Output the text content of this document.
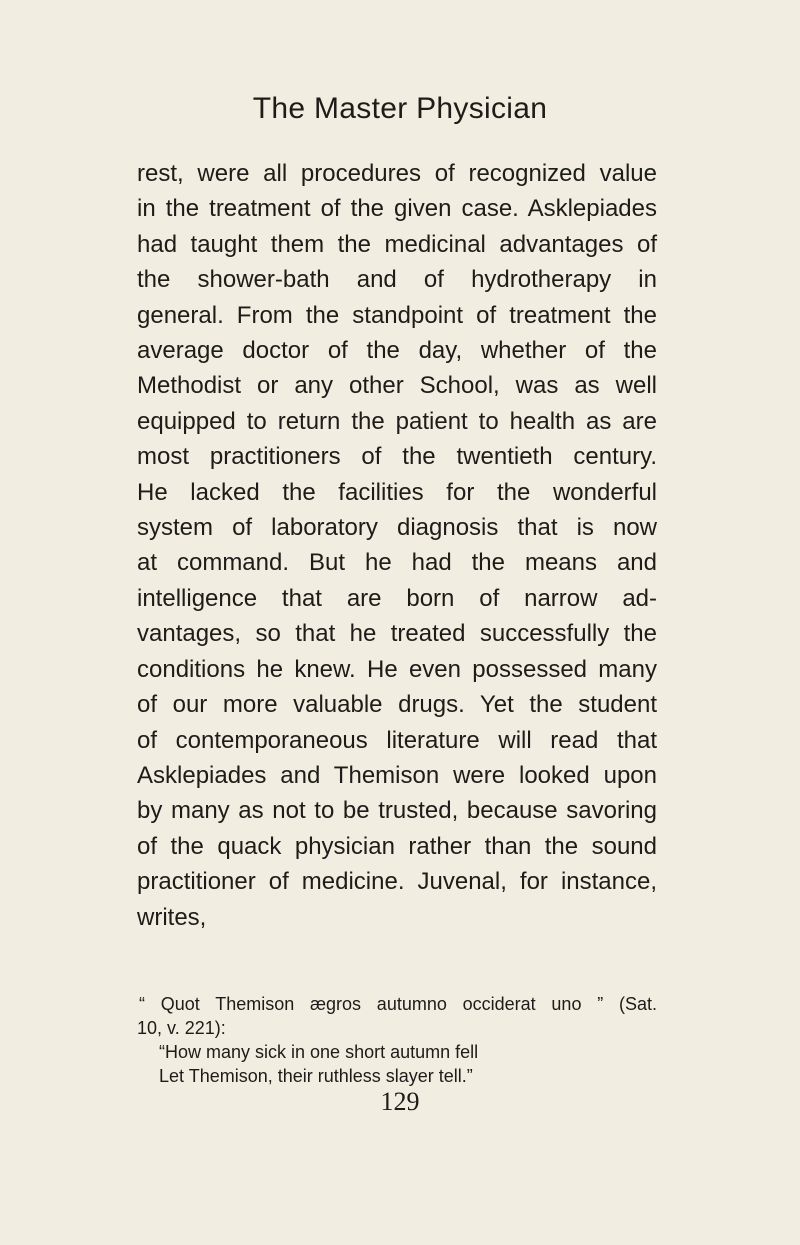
The Master Physician
rest, were all procedures of recognized value
in the treatment of the given case. Asklepiades
had taught them the medicinal advantages of
the shower-bath and of hydrotherapy in
general. From the standpoint of treatment the
average doctor of the day, whether of the
Methodist or any other School, was as well
equipped to return the patient to health as are
most practitioners of the twentieth century.
He lacked the facilities for the wonderful
system of laboratory diagnosis that is now
at command. But he had the means and
intelligence that are born of narrow ad-
vantages, so that he treated successfully the
conditions he knew. He even possessed many
of our more valuable drugs. Yet the student
of contemporaneous literature will read that
Asklepiades and Themison were looked upon
by many as not to be trusted, because savoring
of the quack physician rather than the sound
practitioner of medicine. Juvenal, for instance,
writes,
“ Quot Themison ægros autumno occiderat uno ” (Sat.
10, v. 221):
“How many sick in one short autumn fell
Let Themison, their ruthless slayer tell.”
129
